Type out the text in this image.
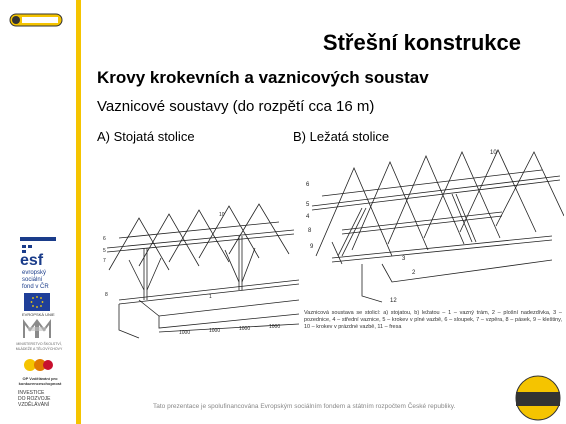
esf
evropský
sociální
fond v ČR
EVROPSKÁ UNIE
MINISTERSTVO ŠKOLSTVÍ, MLÁDEŽE A TĚLOVÝCHOVY
OP Vzdělávání pro konkurenceschopnost
INVESTICE
DO ROZVOJE
VZDĚLÁVÁNÍ
Střešní konstrukce
Krovy krokevních a vaznicových soustav
Vaznicové soustavy (do rozpětí cca 16 m)
A) Stojatá stolice	B) Ležatá stolice
10
6
5
7
8	1
1000	1000	1000	1000
10
6
5
4
8
9
3
2
12
Vaznicová soustava se stolicí: a) stojatou, b) ležatou – 1 – vazný trám, 2 – plošní nadezdívka, 3 – pozednice, 4 – střední vaznice, 5 – krokev v plné vazbě, 6 – sloupek, 7 – vzpěra, 8 – pásek, 9 – kleštiny, 10 – krokev v prázdné vazbě, 11 – fresa
Tato prezentace je spolufinancována Evropským sociálním fondem a státním rozpočtem České republiky.
